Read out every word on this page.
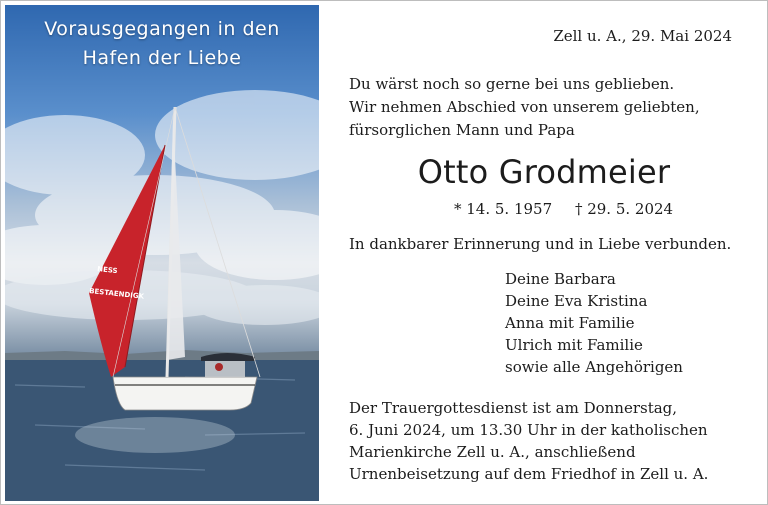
NESS
BESTAENDIGK
Vorausgegangen in den
Hafen der Liebe
Zell u. A., 29. Mai 2024
Du wärst noch so gerne bei uns geblieben.
Wir nehmen Abschied von unserem geliebten,
fürsorglichen Mann und Papa
Otto Grodmeier
* 14. 5. 1957 † 29. 5. 2024
In dankbarer Erinnerung und in Liebe verbunden.
Deine Barbara
Deine Eva Kristina
Anna mit Familie
Ulrich mit Familie
sowie alle Angehörigen
Der Trauergottesdienst ist am Donnerstag,
6. Juni 2024, um 13.30 Uhr in der katholischen
Marienkirche Zell u. A., anschließend
Urnenbeisetzung auf dem Friedhof in Zell u. A.
